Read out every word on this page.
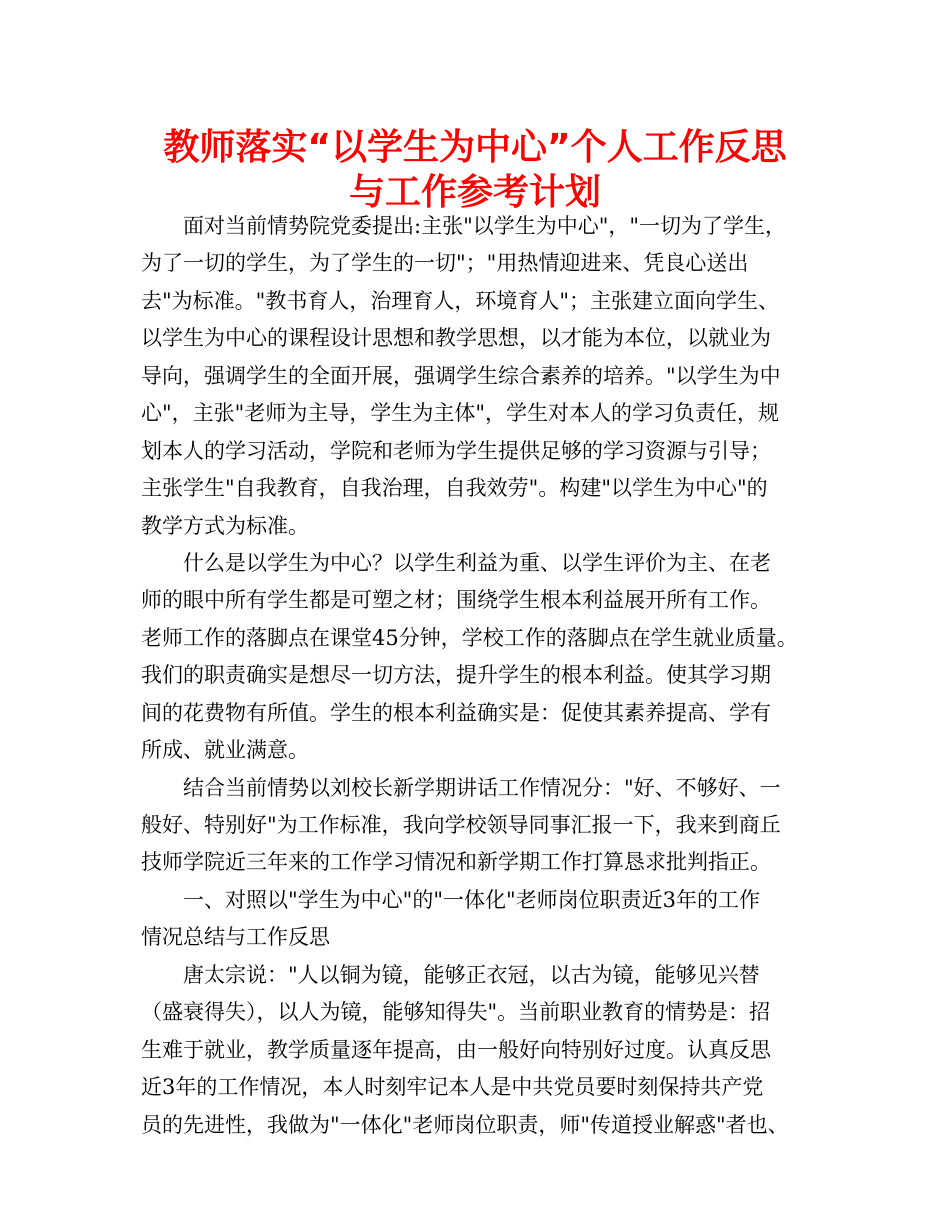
教师落实“以学生为中心”个人工作反思
与工作参考计划
面对当前情势院党委提出:主张"以学生为中心"，"一切为了学生，
为了一切的学生，为了学生的一切"；"用热情迎进来、凭良心送出
去"为标准。"教书育人，治理育人，环境育人"；主张建立面向学生、
以学生为中心的课程设计思想和教学思想，以才能为本位，以就业为
导向，强调学生的全面开展，强调学生综合素养的培养。"以学生为中
心"，主张"老师为主导，学生为主体"，学生对本人的学习负责任，规
划本人的学习活动，学院和老师为学生提供足够的学习资源与引导；
主张学生"自我教育，自我治理，自我效劳"。构建"以学生为中心"的
教学方式为标准。
什么是以学生为中心？以学生利益为重、以学生评价为主、在老
师的眼中所有学生都是可塑之材；围绕学生根本利益展开所有工作。
老师工作的落脚点在课堂45分钟，学校工作的落脚点在学生就业质量。
我们的职责确实是想尽一切方法，提升学生的根本利益。使其学习期
间的花费物有所值。学生的根本利益确实是：促使其素养提高、学有
所成、就业满意。
结合当前情势以刘校长新学期讲话工作情况分："好、不够好、一
般好、特别好"为工作标准，我向学校领导同事汇报一下，我来到商丘
技师学院近三年来的工作学习情况和新学期工作打算恳求批判指正。
一、对照以"学生为中心"的"一体化"老师岗位职责近3年的工作
情况总结与工作反思
唐太宗说："人以铜为镜，能够正衣冠，以古为镜，能够见兴替
（盛衰得失），以人为镜，能够知得失"。当前职业教育的情势是：招
生难于就业，教学质量逐年提高，由一般好向特别好过度。认真反思
近3年的工作情况，本人时刻牢记本人是中共党员要时刻保持共产党
员的先进性，我做为"一体化"老师岗位职责，师"传道授业解惑"者也、
